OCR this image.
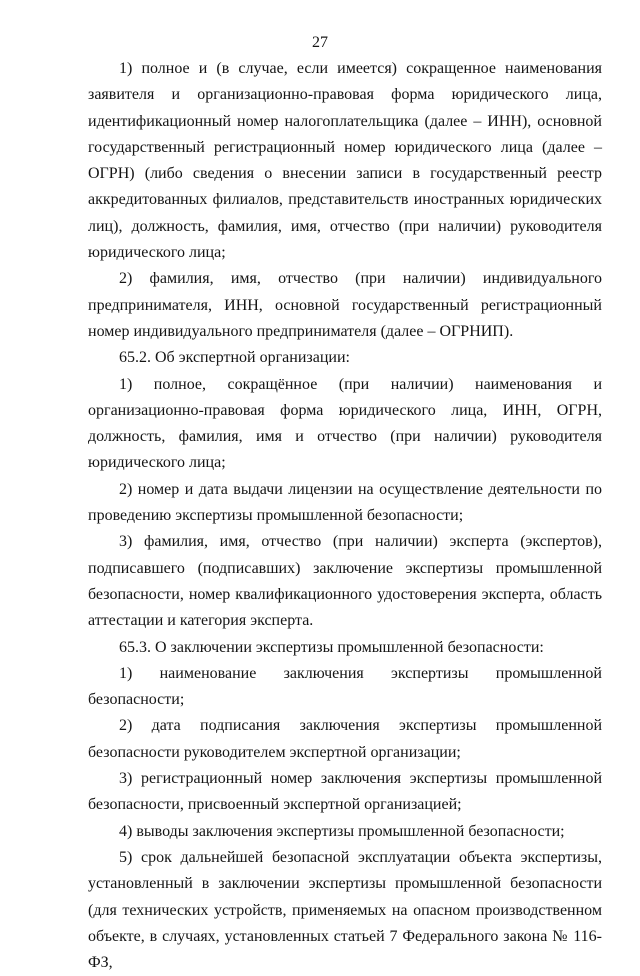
27

1) полное и (в случае, если имеется) сокращенное наименования заявителя и организационно-правовая форма юридического лица, идентификационный номер налогоплательщика (далее – ИНН), основной государственный регистрационный номер юридического лица (далее – ОГРН) (либо сведения о внесении записи в государственный реестр аккредитованных филиалов, представительств иностранных юридических лиц), должность, фамилия, имя, отчество (при наличии) руководителя юридического лица;

2) фамилия, имя, отчество (при наличии) индивидуального предпринимателя, ИНН, основной государственный регистрационный номер индивидуального предпринимателя (далее – ОГРНИП).

65.2. Об экспертной организации:

1) полное, сокращённое (при наличии) наименования и организационно-правовая форма юридического лица, ИНН, ОГРН, должность, фамилия, имя и отчество (при наличии) руководителя юридического лица;

2) номер и дата выдачи лицензии на осуществление деятельности по проведению экспертизы промышленной безопасности;

3) фамилия, имя, отчество (при наличии) эксперта (экспертов), подписавшего (подписавших) заключение экспертизы промышленной безопасности, номер квалификационного удостоверения эксперта, область аттестации и категория эксперта.

65.3. О заключении экспертизы промышленной безопасности:

1) наименование заключения экспертизы промышленной безопасности;

2) дата подписания заключения экспертизы промышленной безопасности руководителем экспертной организации;

3) регистрационный номер заключения экспертизы промышленной безопасности, присвоенный экспертной организацией;

4) выводы заключения экспертизы промышленной безопасности;

5) срок дальнейшей безопасной эксплуатации объекта экспертизы, установленный в заключении экспертизы промышленной безопасности (для технических устройств, применяемых на опасном производственном объекте, в случаях, установленных статьей 7 Федерального закона № 116-ФЗ,
